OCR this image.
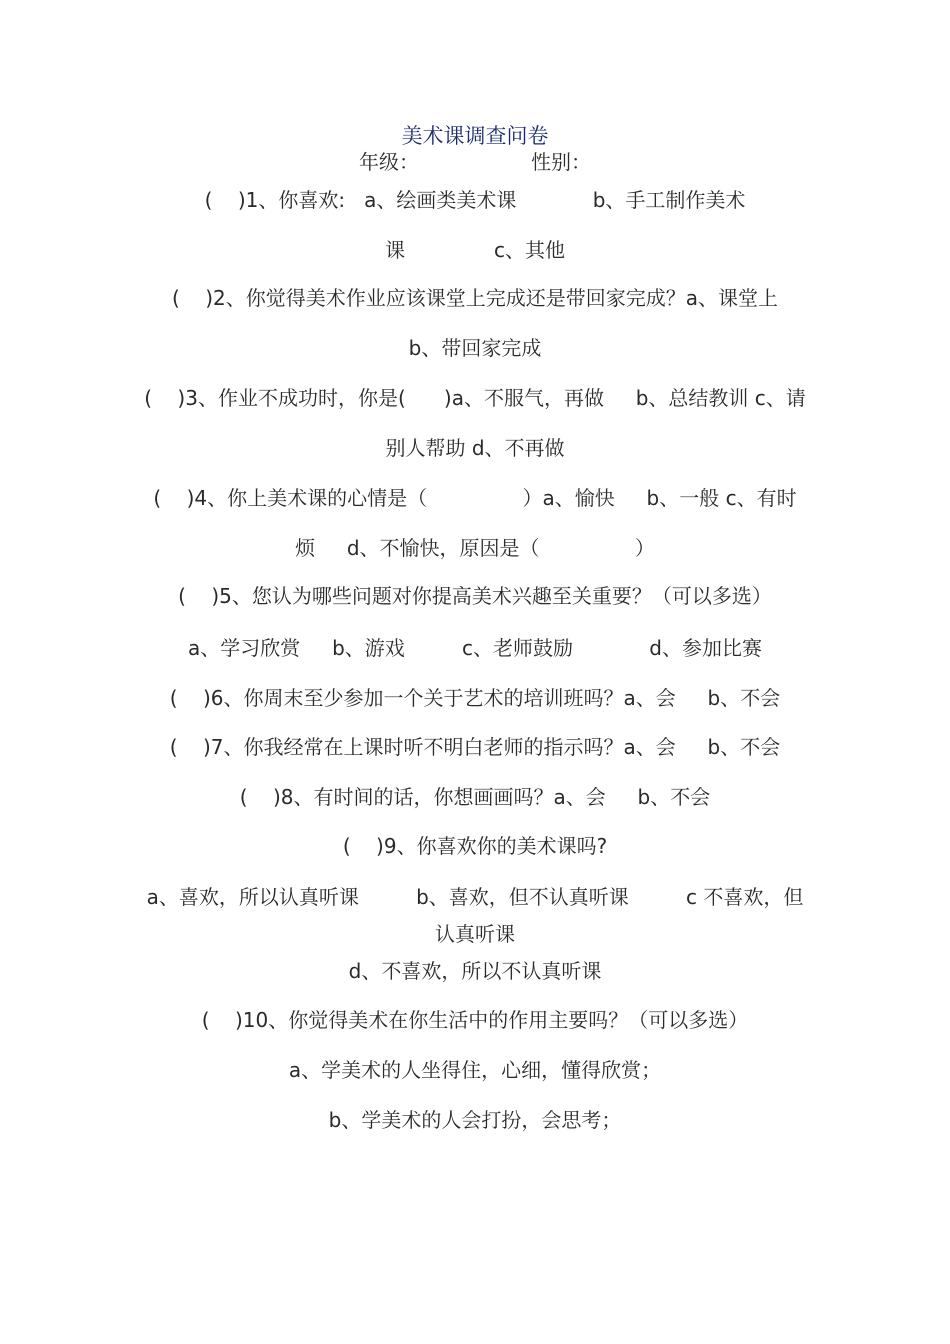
美术课调查问卷
年级：	性别：
(    )1、你喜欢:   a、绘画类美术课            b、手工制作美术
课              c、其他
(    )2、你觉得美术作业应该课堂上完成还是带回家完成？a、课堂上
b、带回家完成
(    )3、作业不成功时，你是(      )a、不服气，再做     b、总结教训 c、请
别人帮助 d、不再做
(    )4、你上美术课的心情是（               ）a、愉快     b、一般 c、有时
烦     d、不愉快，原因是（               ）
(    )5、您认为哪些问题对你提高美术兴趣至关重要？（可以多选）
a、学习欣赏     b、游戏         c、老师鼓励            d、参加比赛
(    )6、你周末至少参加一个关于艺术的培训班吗？a、会     b、不会
(    )7、你我经常在上课时听不明白老师的指示吗？a、会     b、不会
(    )8、有时间的话，你想画画吗？a、会     b、不会
(    )9、你喜欢你的美术课吗?
a、喜欢，所以认真听课         b、喜欢，但不认真听课         c 不喜欢，但
认真听课
d、不喜欢，所以不认真听课
(    )10、你觉得美术在你生活中的作用主要吗？（可以多选）
a、学美术的人坐得住，心细，懂得欣赏；
b、学美术的人会打扮，会思考；
